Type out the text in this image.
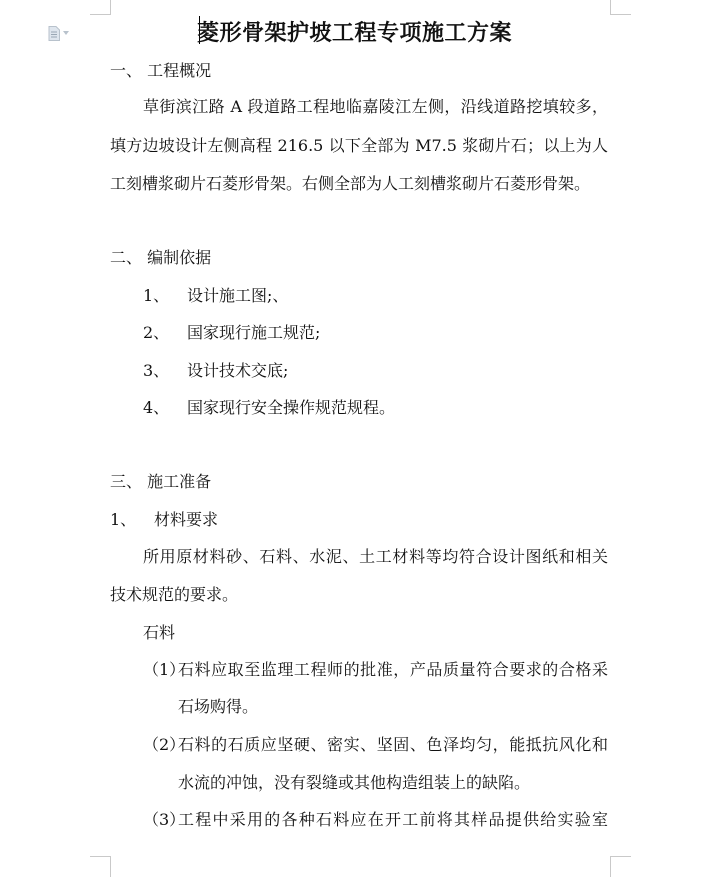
菱形骨架护坡工程专项施工方案
一、 工程概况
草街滨江路 A 段道路工程地临嘉陵江左侧，沿线道路挖填较多，
填方边坡设计左侧高程 216.5 以下全部为 M7.5 浆砌片石；以上为人
工刻槽浆砌片石菱形骨架。右侧全部为人工刻槽浆砌片石菱形骨架。
二、 编制依据
1、 设计施工图;、
2、 国家现行施工规范;
3、 设计技术交底;
4、 国家现行安全操作规范规程。
三、 施工准备
1、 材料要求
所用原材料砂、石料、水泥、土工材料等均符合设计图纸和相关
技术规范的要求。
石料
（1）
石料应取至监理工程师的批准，产品质量符合要求的合格采
石场购得。
（2）
石料的石质应坚硬、密实、坚固、色泽均匀，能抵抗风化和
水流的冲蚀，没有裂缝或其他构造组装上的缺陷。
（3）
工程中采用的各种石料应在开工前将其样品提供给实验室
